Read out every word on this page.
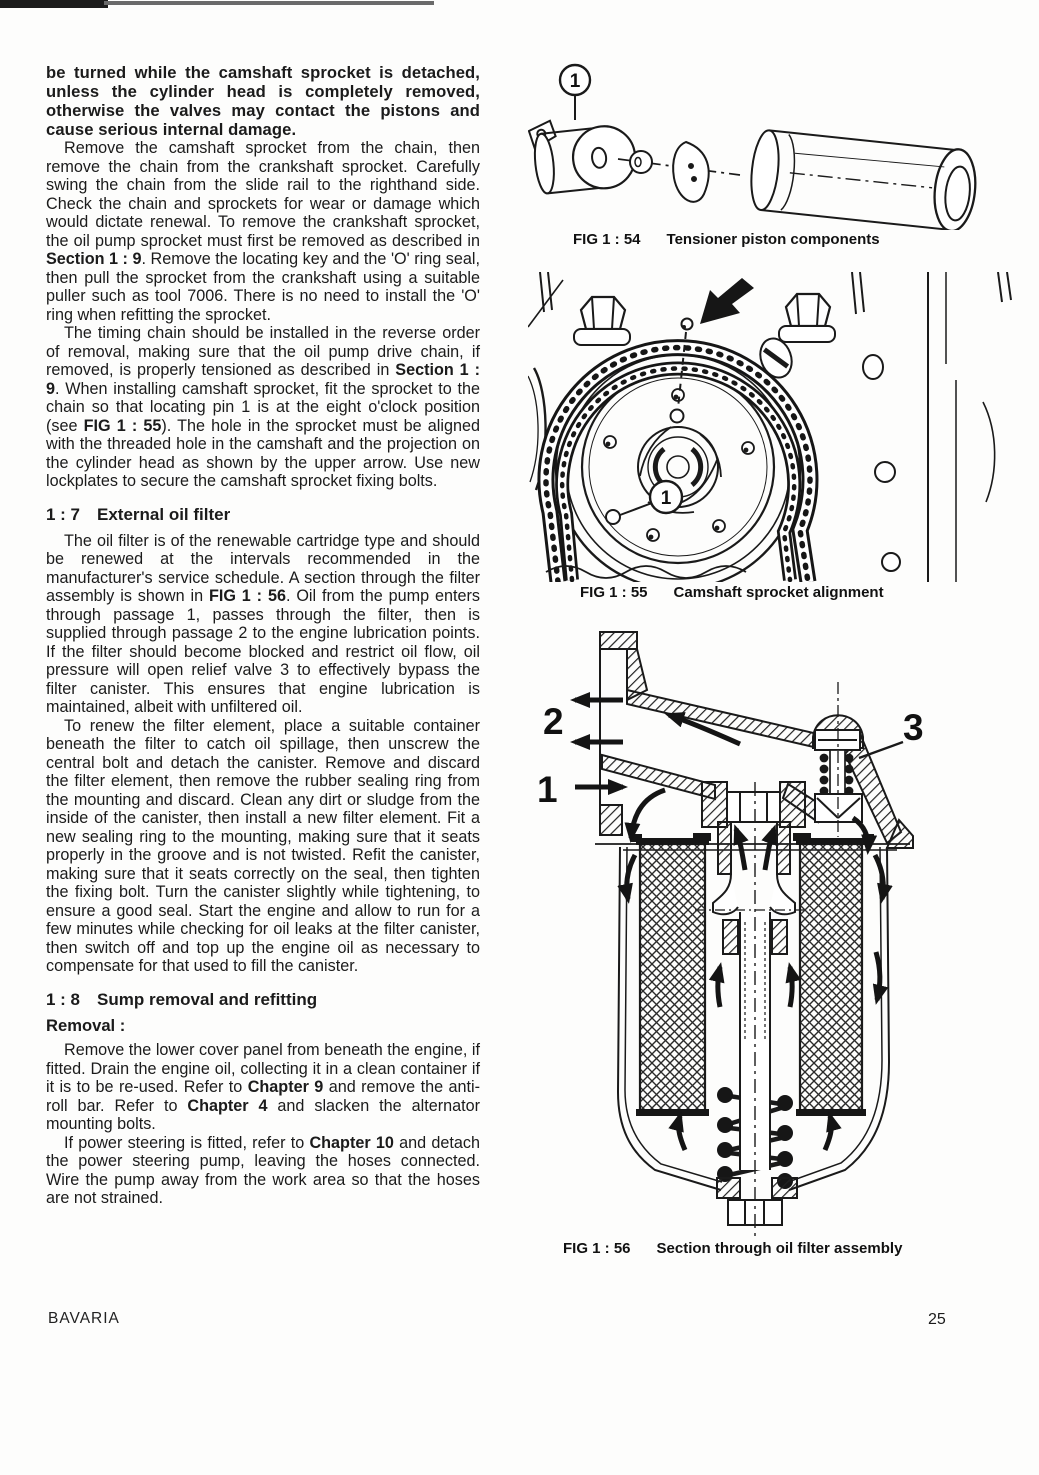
be turned while the camshaft sprocket is detached, unless the cylinder head is completely removed, otherwise the valves may contact the pistons and cause serious internal damage.

Remove the camshaft sprocket from the chain, then remove the chain from the crankshaft sprocket. Carefully swing the chain from the slide rail to the righthand side. Check the chain and sprockets for wear or damage which would dictate renewal. To remove the crankshaft sprocket, the oil pump sprocket must first be removed as described in Section 1 : 9. Remove the locating key and the 'O' ring seal, then pull the sprocket from the crankshaft using a suitable puller such as tool 7006. There is no need to install the 'O' ring when refitting the sprocket.

The timing chain should be installed in the reverse order of removal, making sure that the oil pump drive chain, if removed, is properly tensioned as described in Section 1 : 9. When installing camshaft sprocket, fit the sprocket to the chain so that locating pin 1 is at the eight o'clock position (see FIG 1 : 55). The hole in the sprocket must be aligned with the threaded hole in the camshaft and the projection on the cylinder head as shown by the upper arrow. Use new lockplates to secure the camshaft sprocket fixing bolts.

1 : 7 External oil filter

The oil filter is of the renewable cartridge type and should be renewed at the intervals recommended in the manufacturer's service schedule. A section through the filter assembly is shown in FIG 1 : 56. Oil from the pump enters through passage 1, passes through the filter, then is supplied through passage 2 to the engine lubrication points. If the filter should become blocked and restrict oil flow, oil pressure will open relief valve 3 to effectively bypass the filter canister. This ensures that engine lubrication is maintained, albeit with unfiltered oil.

To renew the filter element, place a suitable container beneath the filter to catch oil spillage, then unscrew the central bolt and detach the canister. Remove and discard the filter element, then remove the rubber sealing ring from the mounting and discard. Clean any dirt or sludge from the inside of the canister, then install a new filter element. Fit a new sealing ring to the mounting, making sure that it seats properly in the groove and is not twisted. Refit the canister, making sure that it seats correctly on the seal, then tighten the fixing bolt. Turn the canister slightly while tightening, to ensure a good seal. Start the engine and allow to run for a few minutes while checking for oil leaks at the filter canister, then switch off and top up the engine oil as necessary to compensate for that used to fill the canister.

1 : 8 Sump removal and refitting

Removal :

Remove the lower cover panel from beneath the engine, if fitted. Drain the engine oil, collecting it in a clean container if it is to be re-used. Refer to Chapter 9 and remove the anti-roll bar. Refer to Chapter 4 and slacken the alternator mounting bolts.

If power steering is fitted, refer to Chapter 10 and detach the power steering pump, leaving the hoses connected. Wire the pump away from the work area so that the hoses are not strained.

1
FIG 1 : 54 Tensioner piston components
1
FIG 1 : 55 Camshaft sprocket alignment
2
1
3
FIG 1 : 56 Section through oil filter assembly
BAVARIA	25
